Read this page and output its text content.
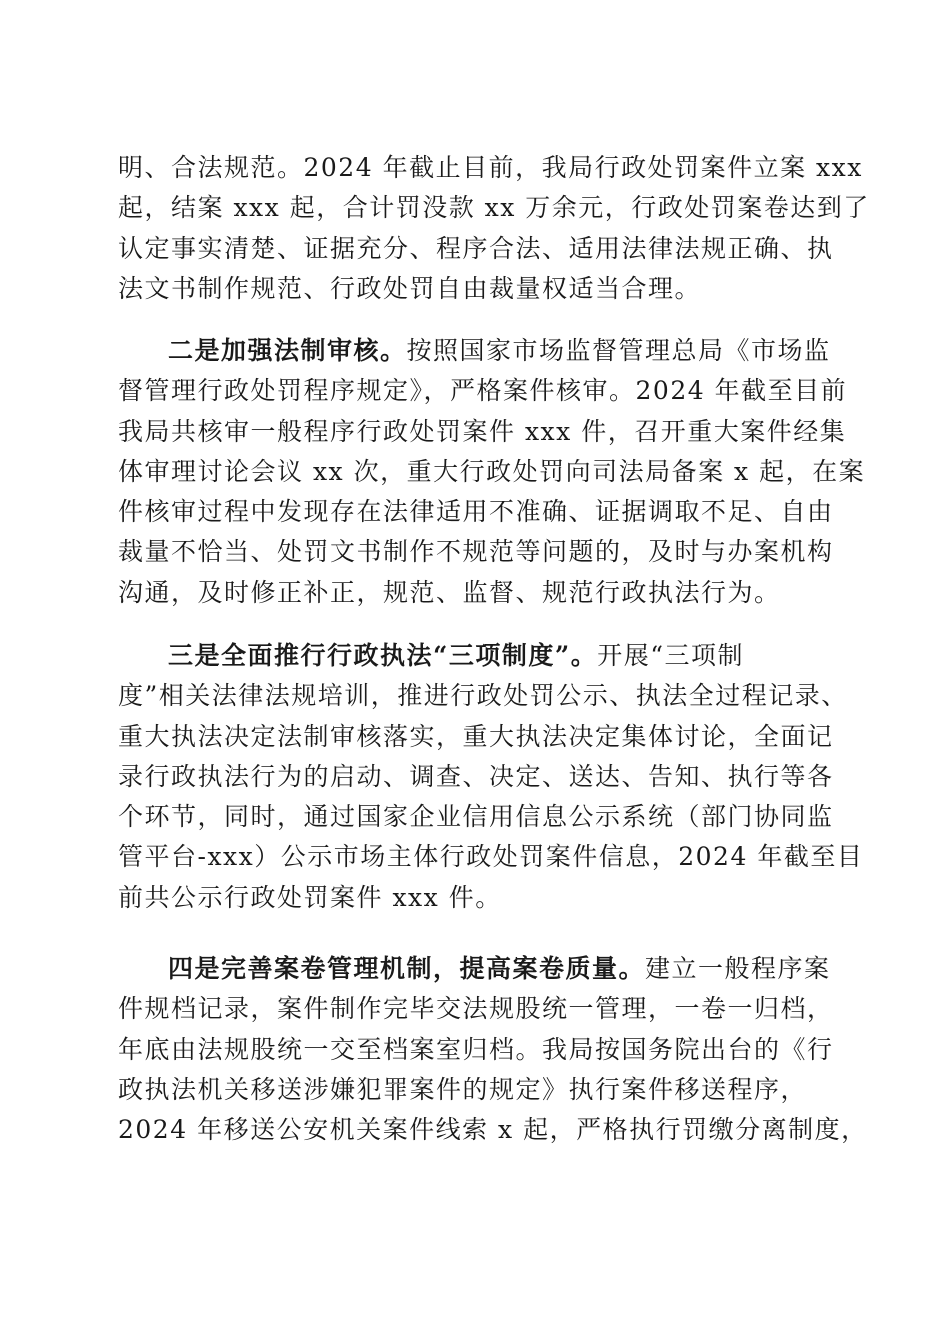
明、合法规范。2024 年截止目前，我局行政处罚案件立案 xxx
起，结案 xxx 起，合计罚没款 xx 万余元，行政处罚案卷达到了
认定事实清楚、证据充分、程序合法、适用法律法规正确、执
法文书制作规范、行政处罚自由裁量权适当合理。
二是加强法制审核。按照国家市场监督管理总局《市场监
督管理行政处罚程序规定》，严格案件核审。2024 年截至目前
我局共核审一般程序行政处罚案件 xxx 件，召开重大案件经集
体审理讨论会议 xx 次，重大行政处罚向司法局备案 x 起，在案
件核审过程中发现存在法律适用不准确、证据调取不足、自由
裁量不恰当、处罚文书制作不规范等问题的，及时与办案机构
沟通，及时修正补正，规范、监督、规范行政执法行为。
三是全面推行行政执法“三项制度”。开展“三项制
度”相关法律法规培训，推进行政处罚公示、执法全过程记录、
重大执法决定法制审核落实，重大执法决定集体讨论，全面记
录行政执法行为的启动、调查、决定、送达、告知、执行等各
个环节，同时，通过国家企业信用信息公示系统（部门协同监
管平台-xxx）公示市场主体行政处罚案件信息，2024 年截至目
前共公示行政处罚案件 xxx 件。
四是完善案卷管理机制，提高案卷质量。建立一般程序案
件规档记录，案件制作完毕交法规股统一管理，一卷一归档，
年底由法规股统一交至档案室归档。我局按国务院出台的《行
政执法机关移送涉嫌犯罪案件的规定》执行案件移送程序，
2024 年移送公安机关案件线索 x 起，严格执行罚缴分离制度，
